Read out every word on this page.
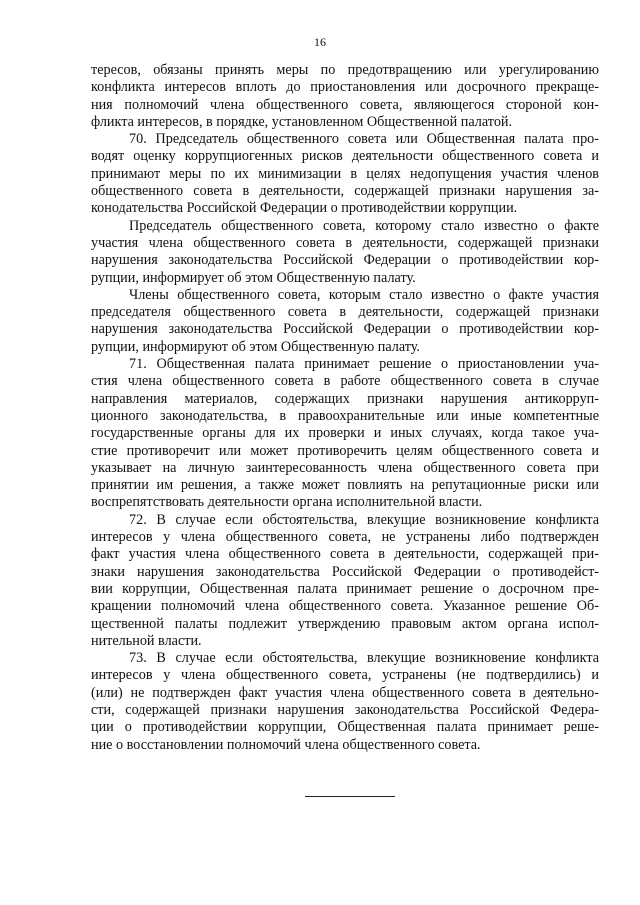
16
тересов, обязаны принять меры по предотвращению или урегулированию
конфликта интересов вплоть до приостановления или досрочного прекраще-
ния полномочий члена общественного совета, являющегося стороной кон-
фликта интересов, в порядке, установленном Общественной палатой.
70. Председатель общественного совета или Общественная палата про-
водят оценку коррупциогенных рисков деятельности общественного совета и
принимают меры по их минимизации в целях недопущения участия членов
общественного совета в деятельности, содержащей признаки нарушения за-
конодательства Российской Федерации о противодействии коррупции.
Председатель общественного совета, которому стало известно о факте
участия члена общественного совета в деятельности, содержащей признаки
нарушения законодательства Российской Федерации о противодействии кор-
рупции, информирует об этом Общественную палату.
Члены общественного совета, которым стало известно о факте участия
председателя общественного совета в деятельности, содержащей признаки
нарушения законодательства Российской Федерации о противодействии кор-
рупции, информируют об этом Общественную палату.
71. Общественная палата принимает решение о приостановлении уча-
стия члена общественного совета в работе общественного совета в случае
направления материалов, содержащих признаки нарушения антикорруп-
ционного законодательства, в правоохранительные или иные компетентные
государственные органы для их проверки и иных случаях, когда такое уча-
стие противоречит или может противоречить целям общественного совета и
указывает на личную заинтересованность члена общественного совета при
принятии им решения, а также может повлиять на репутационные риски или
воспрепятствовать деятельности органа исполнительной власти.
72. В случае если обстоятельства, влекущие возникновение конфликта
интересов у члена общественного совета, не устранены либо подтвержден
факт участия члена общественного совета в деятельности, содержащей при-
знаки нарушения законодательства Российской Федерации о противодейст-
вии коррупции, Общественная палата принимает решение о досрочном пре-
кращении полномочий члена общественного совета. Указанное решение Об-
щественной палаты подлежит утверждению правовым актом органа испол-
нительной власти.
73. В случае если обстоятельства, влекущие возникновение конфликта
интересов у члена общественного совета, устранены (не подтвердились) и
(или) не подтвержден факт участия члена общественного совета в деятельно-
сти, содержащей признаки нарушения законодательства Российской Федера-
ции о противодействии коррупции, Общественная палата принимает реше-
ние о восстановлении полномочий члена общественного совета.
